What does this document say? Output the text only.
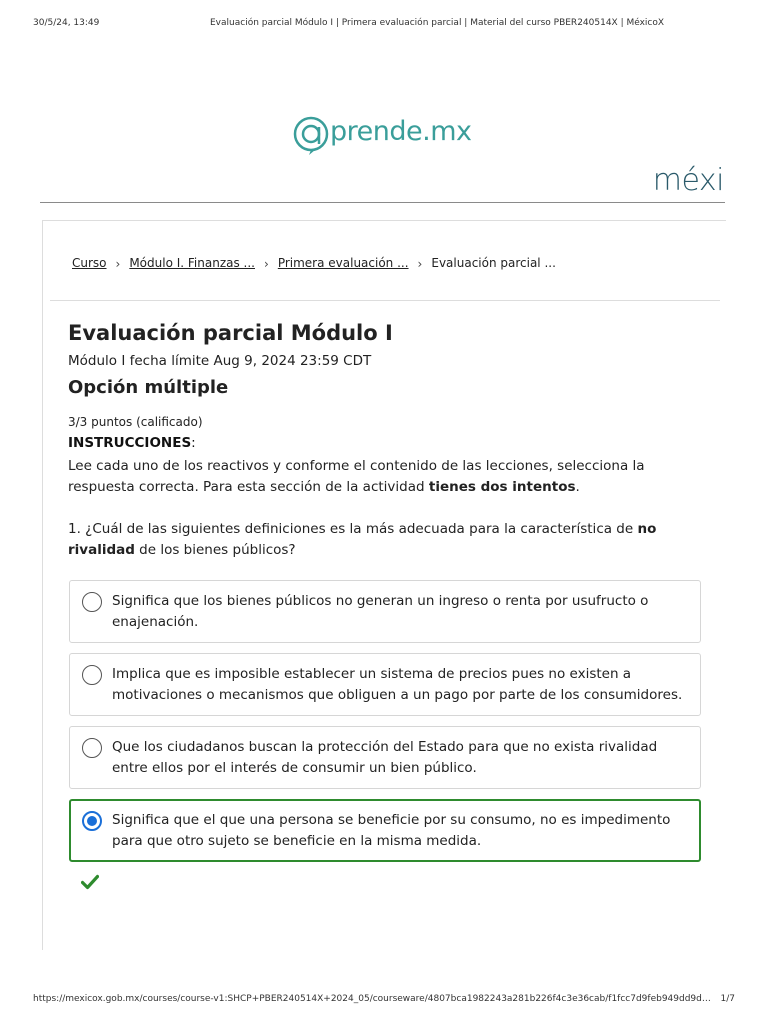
30/5/24, 13:49	Evaluación parcial Módulo I | Primera evaluación parcial | Material del curso PBER240514X | MéxicoX
prende.mx
méxi
Curso › Módulo I. Finanzas ... › Primera evaluación ... › Evaluación parcial ...
Evaluación parcial Módulo I
Módulo I fecha límite Aug 9, 2024 23:59 CDT
Opción múltiple
3/3 puntos (calificado)
INSTRUCCIONES:

Lee cada uno de los reactivos y conforme el contenido de las lecciones, selecciona la respuesta correcta. Para esta sección de la actividad tienes dos intentos.

1. ¿Cuál de las siguientes definiciones es la más adecuada para la característica de no rivalidad de los bienes públicos?

Significa que los bienes públicos no generan un ingreso o renta por usufructo o enajenación.
Implica que es imposible establecer un sistema de precios pues no existen a motivaciones o mecanismos que obliguen a un pago por parte de los consumidores.
Que los ciudadanos buscan la protección del Estado para que no exista rivalidad entre ellos por el interés de consumir un bien público.
Significa que el que una persona se beneficie por su consumo, no es impedimento para que otro sujeto se beneficie en la misma medida.
https://mexicox.gob.mx/courses/course-v1:SHCP+PBER240514X+2024_05/courseware/4807bca1982243a281b226f4c3e36cab/f1fcc7d9feb949dd9d… 1/7
